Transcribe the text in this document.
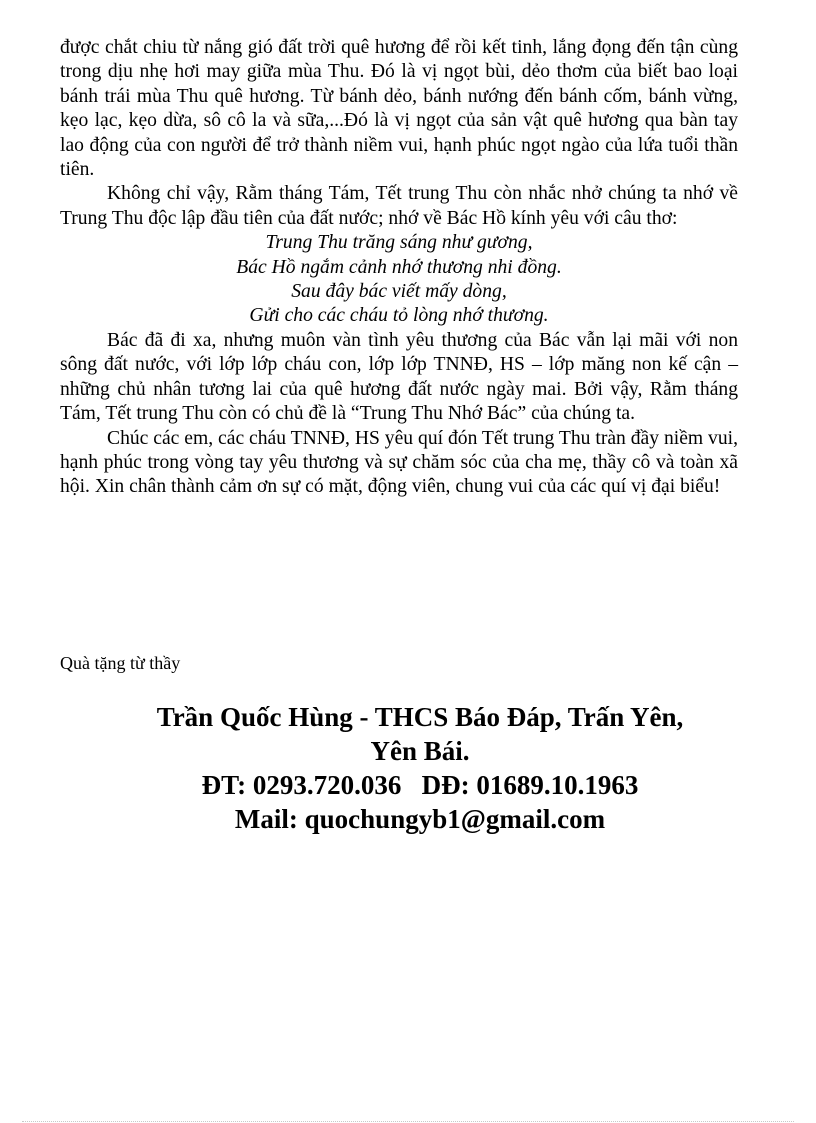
được chắt chiu từ nắng gió đất trời quê hương để rồi kết tinh, lắng đọng đến tận cùng trong dịu nhẹ hơi may giữa mùa Thu. Đó là vị ngọt bùi, dẻo thơm của biết bao loại bánh trái mùa Thu quê hương. Từ bánh dẻo, bánh nướng đến bánh cốm, bánh vừng, kẹo lạc, kẹo dừa, sô cô la và sữa,...Đó là vị ngọt của sản vật quê hương qua bàn tay lao động của con người để trở thành niềm vui, hạnh phúc ngọt ngào của lứa tuổi thần tiên.

Không chỉ vậy, Rằm tháng Tám, Tết trung Thu còn nhắc nhở chúng ta nhớ về Trung Thu độc lập đầu tiên của đất nước; nhớ về Bác Hồ kính yêu với câu thơ:

Trung Thu trăng sáng như gương,
Bác Hồ ngắm cảnh nhớ thương nhi đồng.
Sau đây bác viết mấy dòng,
Gửi cho các cháu tỏ lòng nhớ thương.

Bác đã đi xa, nhưng muôn vàn tình yêu thương của Bác vẫn lại mãi với non sông đất nước, với lớp lớp cháu con, lớp lớp TNNĐ, HS – lớp măng non kế cận – những chủ nhân tương lai của quê hương đất nước ngày mai. Bởi vậy, Rằm tháng Tám, Tết trung Thu còn có chủ đề là “Trung Thu Nhớ Bác” của chúng ta.

Chúc các em, các cháu TNNĐ, HS yêu quí đón Tết trung Thu tràn đầy niềm vui, hạnh phúc trong vòng tay yêu thương và sự chăm sóc của cha mẹ, thầy cô và toàn xã hội. Xin chân thành cảm ơn sự có mặt, động viên, chung vui của các quí vị đại biểu!

Quà tặng từ thầy

Trần Quốc Hùng - THCS Báo Đáp, Trấn Yên,
Yên Bái.
ĐT: 0293.720.036   DĐ: 01689.10.1963
Mail: quochungyb1@gmail.com
